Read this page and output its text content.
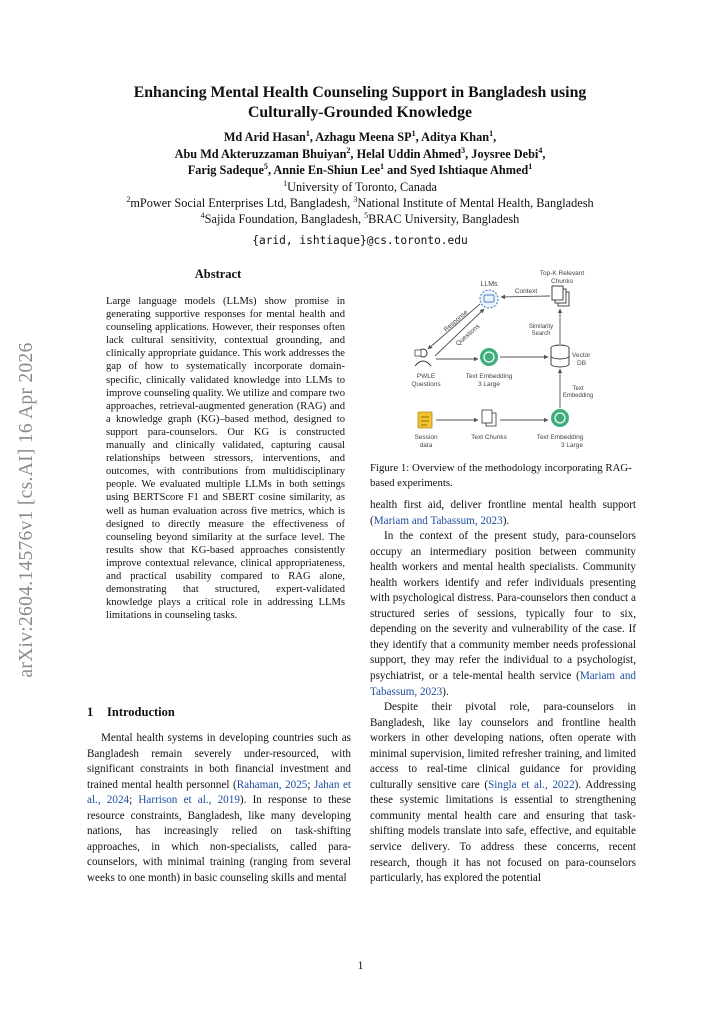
arXiv:2604.14576v1 [cs.AI] 16 Apr 2026
Enhancing Mental Health Counseling Support in Bangladesh using
Culturally-Grounded Knowledge
Md Arid Hasan$^1$, Azhagu Meena $SP^1$, Aditya Khan$^1$,
Abu Md Akteruzzaman Bhuiyan$^2$, Helal Uddin Ahmed$^3$, Joysree Debi$^4$,
Farig Sadeque$^5$, Annie En-Shiun Lee$^1$ and Syed Ishtiaque Ahmed$^1$
$^1$University of Toronto, Canada
$^2$mPower Social Enterprises Ltd, Bangladesh, $^3$National Institute of Mental Health, Bangladesh
$^4$Sajida Foundation, Bangladesh, $^5$BRAC University, Bangladesh
{arid, ishtiaque}@cs.toronto.edu
Abstract
Large language models (LLMs) show promise in generating supportive responses for mental health and counseling applications. However, their responses often lack cultural sensitivity, contextual grounding, and clinically appropriate guidance. This work addresses the gap of how to systematically incorporate domain-specific, clinically validated knowledge into LLMs to improve counseling quality. We utilize and compare two approaches, retrieval-augmented generation (RAG) and a knowledge graph (KG)–based method, designed to support para-counselors. Our KG is constructed manually and clinically validated, capturing causal relationships between stressors, interventions, and outcomes, with contributions from multidisciplinary people. We evaluated multiple LLMs in both settings using BERTScore F1 and SBERT cosine similarity, as well as human evaluation across five metrics, which is designed to directly measure the effectiveness of counseling beyond similarity at the surface level. The results show that KG-based approaches consistently improve contextual relevance, clinical appropriateness, and practical usability compared to RAG alone, demonstrating that structured, expert-validated knowledge plays a critical role in addressing LLMs limitations in counseling tasks.
1 Introduction

Mental health systems in developing countries such as Bangladesh remain severely under-resourced, with significant constraints in both financial investment and trained mental health personnel (Rahaman, 2025; Jahan et al., 2024; Harrison et al., 2019). In response to these resource constraints, Bangladesh, like many developing nations, has increasingly relied on task-shifting approaches, in which non-specialists, called para-counselors, with minimal training (ranging from several weeks to one month) in basic counseling skills and mental

LLMs
Top-K Relevant
Chunks
Context
Response
Questions	Similarity
Search
PWLE
Questions
Text Embedding
3 Large
Vector
DB
Text
Embedding
Session
data
Text Chunks	Text Embedding
3 Large
Figure 1: Overview of the methodology incorporating RAG-based experiments.

health first aid, deliver frontline mental health support (Mariam and Tabassum, 2023).

In the context of the present study, para-counselors occupy an intermediary position between community health workers and mental health specialists. Community health workers identify and refer individuals presenting with psychological distress. Para-counselors then conduct a structured series of sessions, typically four to six, depending on the severity and vulnerability of the case. If they identify that a community member needs professional support, they may refer the individual to a psychologist, psychiatrist, or a tele-mental health service (Mariam and Tabassum, 2023).

Despite their pivotal role, para-counselors in Bangladesh, like lay counselors and frontline health workers in other developing nations, often operate with minimal supervision, limited refresher training, and limited access to real-time clinical guidance for providing culturally sensitive care (Singla et al., 2022). Addressing these systemic limitations is essential to strengthening community mental health care and ensuring that task-shifting models translate into safe, effective, and equitable service delivery. To address these concerns, recent research, though it has not focused on para-counselors particularly, has explored the potential

1
